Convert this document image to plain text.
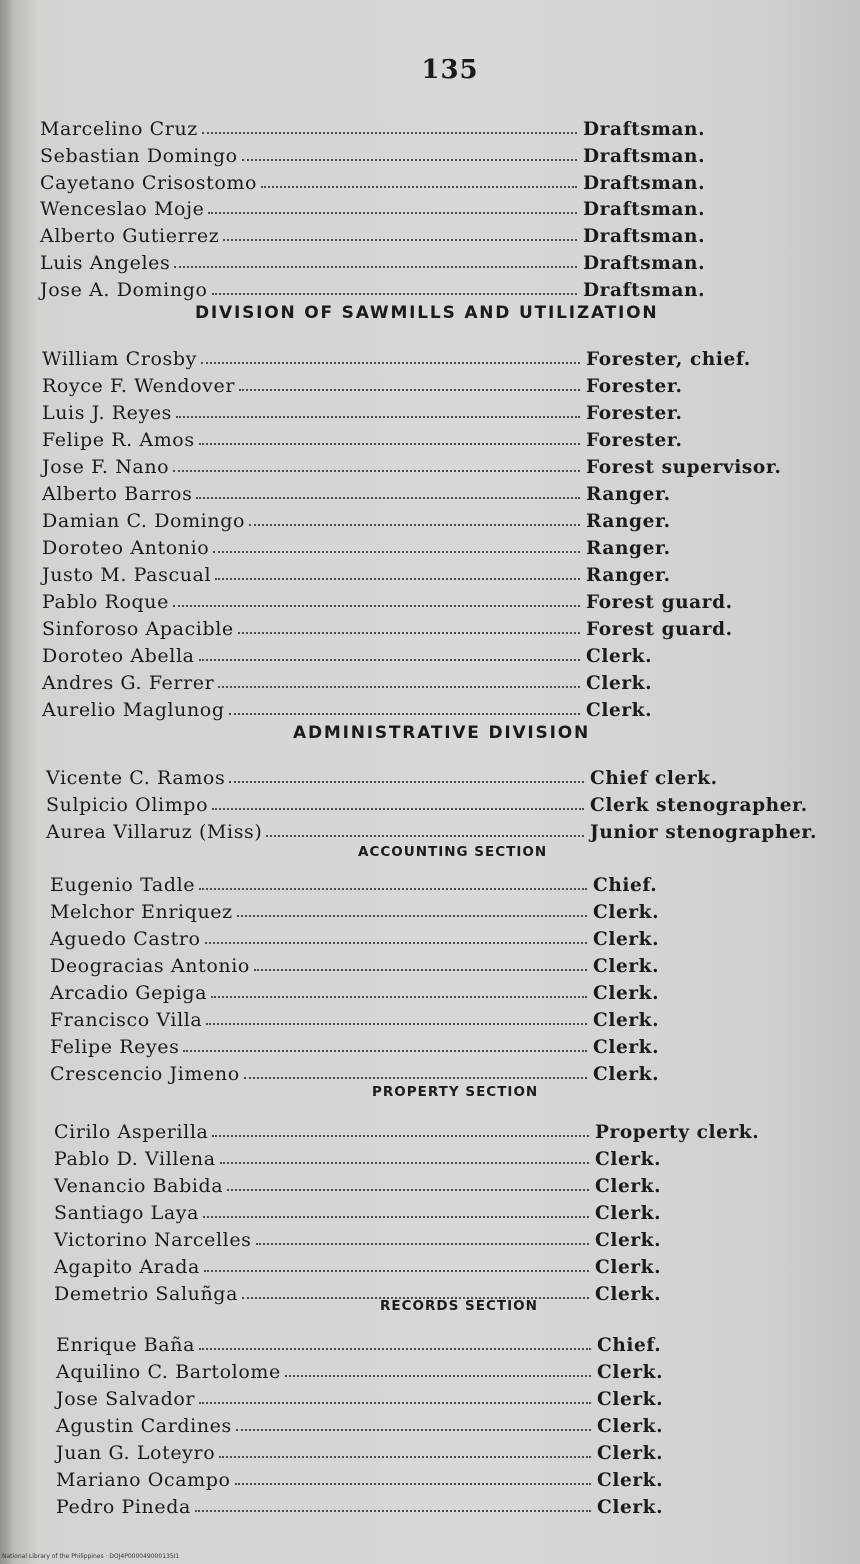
135
Marcelino Cruz	Draftsman.
Sebastian Domingo	Draftsman.
Cayetano Crisostomo	Draftsman.
Wenceslao Moje	Draftsman.
Alberto Gutierrez	Draftsman.
Luis Angeles	Draftsman.
Jose A. Domingo	Draftsman.
DIVISION OF SAWMILLS AND UTILIZATION
William Crosby	Forester, chief.
Royce F. Wendover	Forester.
Luis J. Reyes	Forester.
Felipe R. Amos	Forester.
Jose F. Nano	Forest supervisor.
Alberto Barros	Ranger.
Damian C. Domingo	Ranger.
Doroteo Antonio	Ranger.
Justo M. Pascual	Ranger.
Pablo Roque	Forest guard.
Sinforoso Apacible	Forest guard.
Doroteo Abella	Clerk.
Andres G. Ferrer	Clerk.
Aurelio Maglunog	Clerk.
ADMINISTRATIVE DIVISION
Vicente C. Ramos	Chief clerk.
Sulpicio Olimpo	Clerk stenographer.
Aurea Villaruz (Miss)	Junior stenographer.
ACCOUNTING SECTION
Eugenio Tadle	Chief.
Melchor Enriquez	Clerk.
Aguedo Castro	Clerk.
Deogracias Antonio	Clerk.
Arcadio Gepiga	Clerk.
Francisco Villa	Clerk.
Felipe Reyes	Clerk.
Crescencio Jimeno	Clerk.
PROPERTY SECTION
Cirilo Asperilla	Property clerk.
Pablo D. Villena	Clerk.
Venancio Babida	Clerk.
Santiago Laya	Clerk.
Victorino Narcelles	Clerk.
Agapito Arada	Clerk.
Demetrio Saluñga	Clerk.
RECORDS SECTION
Enrique Baña	Chief.
Aquilino C. Bartolome	Clerk.
Jose Salvador	Clerk.
Agustin Cardines	Clerk.
Juan G. Loteyro	Clerk.
Mariano Ocampo	Clerk.
Pedro Pineda	Clerk.
National Library of the Philippines · DOJ4P000049000135I1
